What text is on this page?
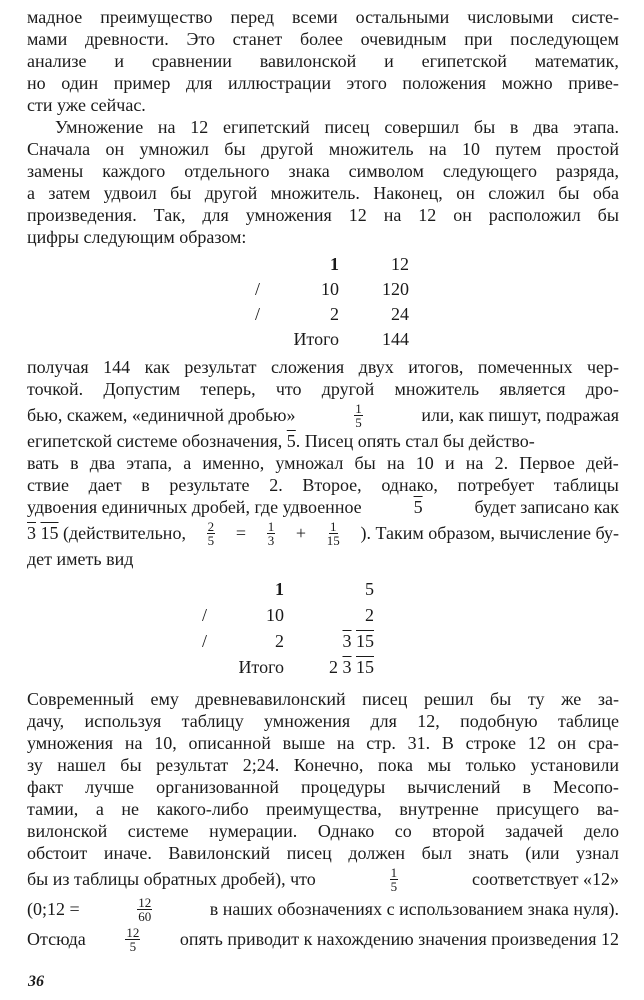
мадное преимущество перед всеми остальными числовыми систе-
мами древности. Это станет более очевидным при последующем
анализе и сравнении вавилонской и египетской математик,
но один пример для иллюстрации этого положения можно приве-
сти уже сейчас.
Умножение на 12 египетский писец совершил бы в два этапа.
Сначала он умножил бы другой множитель на 10 путем простой
замены каждого отдельного знака символом следующего разряда,
а затем удвоил бы другой множитель. Наконец, он сложил бы оба
произведения. Так, для умножения 12 на 12 он расположил бы
цифры следующим образом:
	1	12
/	10	120
/	2	24
	Итого	144
получая 144 как результат сложения двух итогов, помеченных чер-
точкой. Допустим теперь, что другой множитель является дро-
бью, скажем, «единичной дробью»	$\frac{1}{5}$	или, как пишут, подражая
египетской системе обозначения, 5. Писец опять стал бы действо-
вать в два этапа, а именно, умножал бы на 10 и на 2. Первое дей-
ствие дает в результате 2. Второе, однако, потребует таблицы
удвоения единичных дробей, где удвоенное	5	будет записано как
3 15 (действительно, $\frac{2}{5} = \frac{1}{3} + \frac{1}{15}$ ). Таким образом, вычисление бу-
дет иметь вид
	1	5
/	10	2
/	2	3 15
	Итого	2 3 15
Современный ему древневавилонский писец решил бы ту же за-
дачу, используя таблицу умножения для 12, подобную таблице
умножения на 10, описанной выше на стр. 31. В строке 12 он сра-
зу нашел бы результат 2;24. Конечно, пока мы только установили
факт лучше организованной процедуры вычислений в Месопо-
тамии, а не какого-либо преимущества, внутренне присущего ва-
вилонской системе нумерации. Однако со второй задачей дело
обстоит иначе. Вавилонский писец должен был знать (или узнал
бы из таблицы обратных дробей), что	$\frac{1}{5}$	соответствует «12»
(0;12 =	$\frac{12}{60}$	в наших обозначениях с использованием знака нуля).
Отсюда	$\frac{12}{5}$ опять приводит к нахождению значения произведения 12
36
